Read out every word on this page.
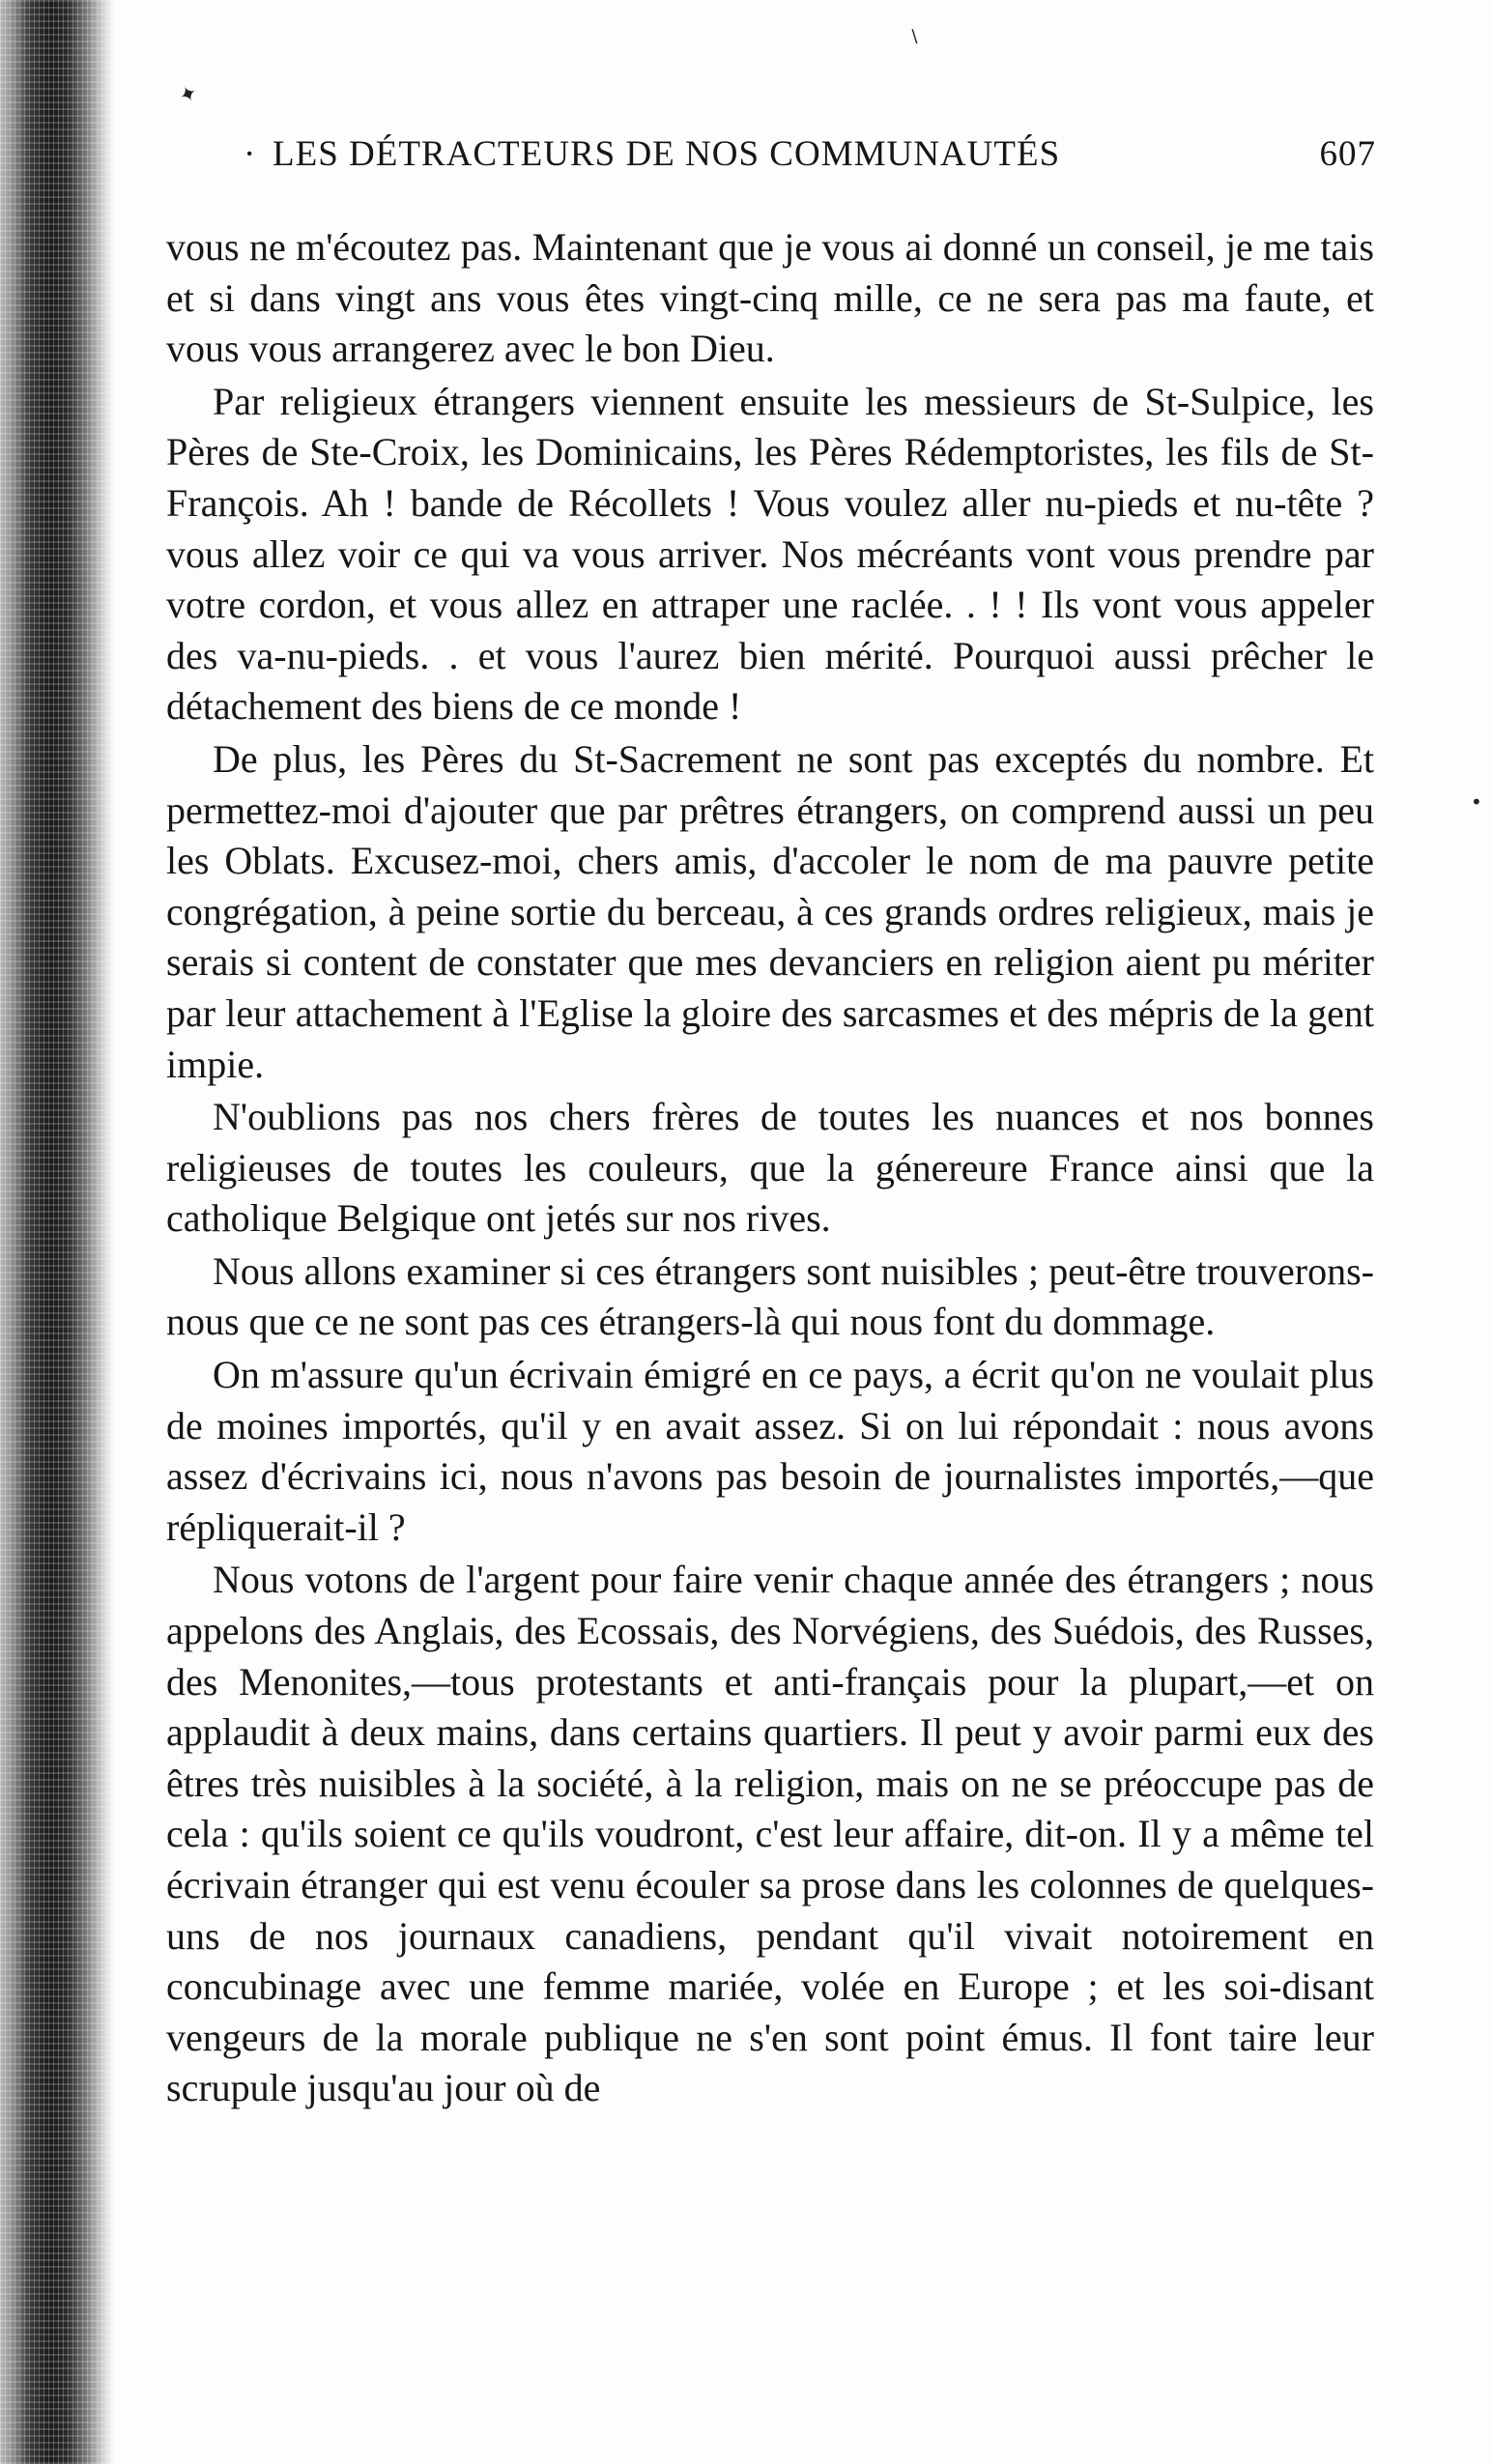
✦
∖
•
· LES DÉTRACTEURS DE NOS COMMUNAUTÉS	607

vous ne m'écoutez pas. Maintenant que je vous ai donné un conseil, je me tais et si dans vingt ans vous êtes vingt-cinq mille, ce ne sera pas ma faute, et vous vous arrangerez avec le bon Dieu.

Par religieux étrangers viennent ensuite les messieurs de St-Sulpice, les Pères de Ste-Croix, les Dominicains, les Pères Rédemptoristes, les fils de St-François. Ah ! bande de Récollets ! Vous voulez aller nu-pieds et nu-tête ? vous allez voir ce qui va vous arriver. Nos mécréants vont vous prendre par votre cordon, et vous allez en attraper une raclée. . ! ! Ils vont vous appeler des va-nu-pieds. . et vous l'aurez bien mérité. Pourquoi aussi prêcher le détachement des biens de ce monde !

De plus, les Pères du St-Sacrement ne sont pas exceptés du nombre. Et permettez-moi d'ajouter que par prêtres étrangers, on comprend aussi un peu les Oblats. Excusez-moi, chers amis, d'accoler le nom de ma pauvre petite congrégation, à peine sortie du berceau, à ces grands ordres religieux, mais je serais si content de constater que mes devanciers en religion aient pu mériter par leur attachement à l'Eglise la gloire des sarcasmes et des mépris de la gent impie.

N'oublions pas nos chers frères de toutes les nuances et nos bonnes religieuses de toutes les couleurs, que la génereure France ainsi que la catholique Belgique ont jetés sur nos rives.

Nous allons examiner si ces étrangers sont nuisibles ; peut-être trouverons-nous que ce ne sont pas ces étrangers-là qui nous font du dommage.

On m'assure qu'un écrivain émigré en ce pays, a écrit qu'on ne voulait plus de moines importés, qu'il y en avait assez. Si on lui répondait : nous avons assez d'écrivains ici, nous n'avons pas besoin de journalistes importés,—que répliquerait-il ?

Nous votons de l'argent pour faire venir chaque année des étrangers ; nous appelons des Anglais, des Ecossais, des Norvégiens, des Suédois, des Russes, des Menonites,—tous protestants et anti-français pour la plupart,—et on applaudit à deux mains, dans certains quartiers. Il peut y avoir parmi eux des êtres très nuisibles à la société, à la religion, mais on ne se préoccupe pas de cela : qu'ils soient ce qu'ils voudront, c'est leur affaire, dit-on. Il y a même tel écrivain étranger qui est venu écouler sa prose dans les colonnes de quelques-uns de nos journaux canadiens, pendant qu'il vivait notoirement en concubinage avec une femme mariée, volée en Europe ; et les soi-disant vengeurs de la morale publique ne s'en sont point émus. Il font taire leur scrupule jusqu'au jour où de
